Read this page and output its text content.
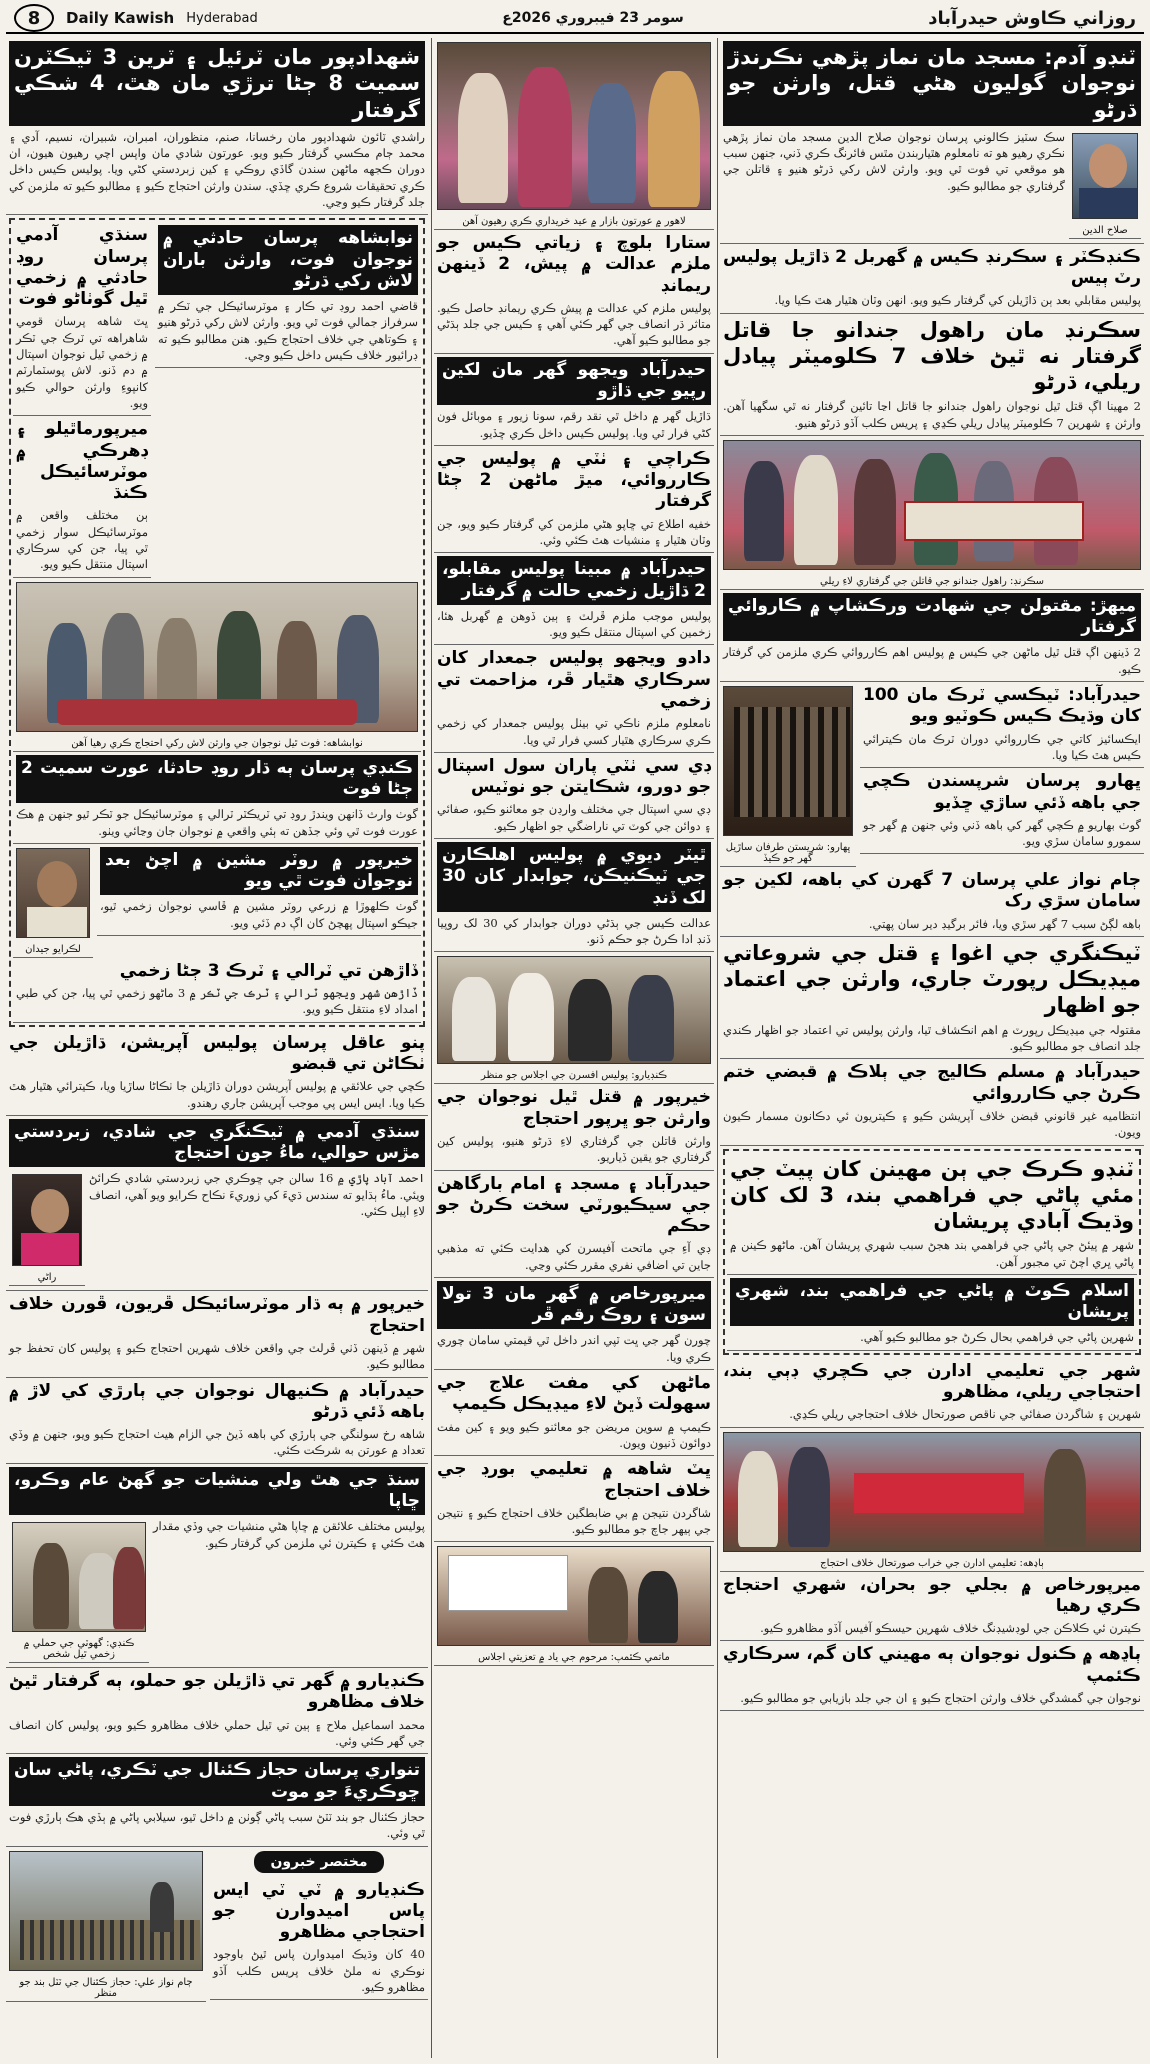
8	Daily Kawish Hyderabad	سومر 23 فيبروري 2026ع	روزاني ڪاوش حيدرآباد
شهدادپور مان ٽرئيل ۽ ٽرين 3 ٽيڪٽرن سميت 8 ڄڻا ترڙي مان هٿ، 4 شڪي گرفتار
راشدي ٽائون شهدادپور مان رخسانا، صنم، منظوران، امبران، شبيران، نسيم، آدي ۽ محمد ڄام مڪسي گرفتار ڪيو ويو. عورتون شادي مان واپس اچي رهيون هيون، ان دوران ڪجهه ماڻهن سندن گاڏي روڪي ۽ کين زبردستي کڻي ويا. پوليس ڪيس داخل ڪري تحقيقات شروع ڪري ڇڏي. سندن وارثن احتجاج ڪيو ۽ مطالبو ڪيو ته ملزمن کي جلد گرفتار ڪيو وڃي.
سنڌي آدمي پرسان روڊ حادثي ۾ زخمي ٿيل گوٺاڻو فوت
ڀٽ شاهه پرسان قومي شاهراهه تي ٽرڪ جي ٽڪر ۾ زخمي ٿيل نوجوان اسپتال ۾ دم ڏنو. لاش پوسٽمارٽم کانپوءِ وارثن حوالي ڪيو ويو.
ميرپورماٿيلو ۽ ڊهرڪي ۾ موٽرسائيڪل ڪنڌ
ٻن مختلف واقعن ۾ موٽرسائيڪل سوار زخمي ٿي پيا، جن کي سرڪاري اسپتال منتقل ڪيو ويو.
نوابشاهه پرسان حادثي ۾ نوجوان فوت، وارثن باران لاش رکي ڌرڻو
قاضي احمد روڊ تي ڪار ۽ موٽرسائيڪل جي ٽڪر ۾ سرفراز جمالي فوت ٿي ويو. وارثن لاش رکي ڌرڻو هنيو ۽ ڪوتاهي جي خلاف احتجاج ڪيو. هنن مطالبو ڪيو ته ڊرائيور خلاف ڪيس داخل ڪيو وڃي.
نوابشاهه: فوت ٿيل نوجوان جي وارثن لاش رکي احتجاج ڪري رهيا آهن
ڪنڊي پرسان ٻه ڌار روڊ حادثا، عورت سميت 2 ڄڻا فوت
گوٺ وارث ڏانهن ويندڙ روڊ تي ٽريڪٽر ٽرالي ۽ موٽرسائيڪل جو ٽڪر ٿيو جنهن ۾ هڪ عورت فوت ٿي وئي جڏهن ته ٻئي واقعي ۾ نوجوان جان وڃائي ويٺو.
لڪرايو جيدان
خيرپور ۾ روٽر مشين ۾ اچڻ بعد نوجوان فوت ٿي ويو
گوٺ ڪلهوڙا ۾ زرعي روٽر مشين ۾ ڦاسي نوجوان زخمي ٿيو، جيڪو اسپتال پهچڻ کان اڳ دم ڏئي ويو.
ڏاڙهن تي ٽرالي ۽ ٽرڪ 3 ڄڻا زخمي
ڏاڙهن شهر ويجهو ٽرالي ۽ ٽرڪ جي ٽڪر ۾ 3 ماڻهو زخمي ٿي پيا، جن کي طبي امداد لاءِ منتقل ڪيو ويو.
پنو عاقل پرسان پوليس آپريشن، ڌاڙيلن جي ٺڪاڻن تي قبضو
ڪچي جي علائقي ۾ پوليس آپريشن دوران ڌاڙيلن جا ٺڪاڻا ساڙيا ويا، ڪيترائي هٿيار هٿ ڪيا ويا. ايس ايس پي موجب آپريشن جاري رهندو.
سنڌي آدمي ۾ ٽيڪنگري جي شادي، زبردستي مڙس حوالي، ماءُ جون احتجاج
احمد آباد پاڙي ۾ 16 سالن جي ڇوڪري جي زبردستي شادي ڪرائڻ ويئي. ماءُ ٻڌايو ته سندس ڌيءَ کي زوريءَ نڪاح ڪرايو ويو آهي، انصاف لاءِ اپيل ڪئي.
راڻي
خيرپور ۾ ٻه ڌار موٽرسائيڪل ڦريون، ڦورن خلاف احتجاج
شهر ۾ ڏينهن ڏٺي ڦرلٽ جي واقعن خلاف شهرين احتجاج ڪيو ۽ پوليس کان تحفظ جو مطالبو ڪيو.
حيدرآباد ۾ ڪنيهال نوجوان جي ٻارڙي کي لاڙ ۾ باهه ڏئي ڌرڻو
شاهه رخ سولنگي جي ٻارڙي کي باهه ڏيڻ جي الزام هيٺ احتجاج ڪيو ويو، جنهن ۾ وڏي تعداد ۾ عورتن به شرڪت ڪئي.
سنڌ جي هٿ ولي منشيات جو گهڻ عام وڪرو، ڇاپا
پوليس مختلف علائقن ۾ ڇاپا هڻي منشيات جي وڏي مقدار هٿ ڪئي ۽ ڪيترن ئي ملزمن کي گرفتار ڪيو.
ڪنڊي: گهوٽي جي حملي ۾ زخمي ٿيل شخص
ڪنڊيارو ۾ گهر تي ڌاڙيلن جو حملو، ٻه گرفتار ٿيڻ خلاف مظاهرو
محمد اسماعيل ملاح ۽ ٻين تي ٿيل حملي خلاف مظاهرو ڪيو ويو، پوليس کان انصاف جي گهر ڪئي وئي.
تنواري پرسان حجاز ڪئنال جي ٽڪري، پاڻي سان ڇوڪريءَ جو موت
حجاز ڪئنال جو بند ٽٽڻ سبب پاڻي ڳوٺن ۾ داخل ٿيو، سيلابي پاڻي ۾ ٻڏي هڪ ٻارڙي فوت ٿي وئي.
ڄام نواز علي: حجاز ڪئنال جي ٽٽل بند جو منظر
مختصر خبرون
ڪنڊيارو ۾ ٽي ٽي ايس پاس اميدوارن جو احتجاجي مظاهرو
40 کان وڌيڪ اميدوارن پاس ٿيڻ باوجود نوڪري نه ملڻ خلاف پريس ڪلب آڏو مظاهرو ڪيو.
لاهور ۾ عورتون بازار ۾ عيد خريداري ڪري رهيون آهن
ستارا بلوچ ۽ زياتي ڪيس جو ملزم عدالت ۾ پيش، 2 ڏينهن ريمانڊ
پوليس ملزم کي عدالت ۾ پيش ڪري ريمانڊ حاصل ڪيو. متاثر ڌر انصاف جي گهر ڪئي آهي ۽ ڪيس جي جلد ٻڌڻي جو مطالبو ڪيو آهي.
حيدرآباد ويجهو گهر مان لکين رپيو جي ڌاڙو
ڌاڙيل گهر ۾ داخل ٿي نقد رقم، سونا زيور ۽ موبائل فون کڻي فرار ٿي ويا. پوليس ڪيس داخل ڪري ڇڏيو.
ڪراچي ۽ ٺٽي ۾ پوليس جي ڪارروائي، ميڙ ماڻهن 2 ڄڻا گرفتار
خفيه اطلاع تي ڇاپو هڻي ملزمن کي گرفتار ڪيو ويو، جن وٽان هٿيار ۽ منشيات هٿ ڪئي وئي.
حيدرآباد ۾ مبينا پوليس مقابلو، 2 ڌاڙيل زخمي حالت ۾ گرفتار
پوليس موجب ملزم ڦرلٽ ۽ ٻين ڏوهن ۾ گهربل هئا، زخمين کي اسپتال منتقل ڪيو ويو.
دادو ويجهو پوليس جمعدار کان سرڪاري هٿيار ڦر، مزاحمت تي زخمي
نامعلوم ملزم ناڪي تي بيٺل پوليس جمعدار کي زخمي ڪري سرڪاري هٿيار کسي فرار ٿي ويا.
ڊي سي ٺٽي پاران سول اسپتال جو دورو، شڪايتن جو نوٽيس
ڊي سي اسپتال جي مختلف وارڊن جو معائنو ڪيو، صفائي ۽ دوائن جي کوٽ تي ناراضگي جو اظهار ڪيو.
ٿيٽر ديوي ۾ پوليس اهلڪارن جي ٽيڪنيڪن، جوابدار کان 30 لک ڏنڊ
عدالت ڪيس جي ٻڌڻي دوران جوابدار کي 30 لک روپيا ڏنڊ ادا ڪرڻ جو حڪم ڏنو.
ڪنڊيارو: پوليس افسرن جي اجلاس جو منظر
خيرپور ۾ قتل ٿيل نوجوان جي وارثن جو ڀرپور احتجاج
وارثن قاتلن جي گرفتاري لاءِ ڌرڻو هنيو، پوليس کين گرفتاري جو يقين ڏياريو.
حيدرآباد ۽ مسجد ۽ امام بارگاهن جي سيڪيورٽي سخت ڪرڻ جو حڪم
ڊي آءِ جي ماتحت آفيسرن کي هدايت ڪئي ته مذهبي جاين تي اضافي نفري مقرر ڪئي وڃي.
ميرپورخاص ۾ گهر مان 3 تولا سون ۽ روڪ رقم ڦر
چورن گهر جي ڀت ٽپي اندر داخل ٿي قيمتي سامان چوري ڪري ويا.
ماڻهن کي مفت علاج جي سهولت ڏيڻ لاءِ ميڊيڪل ڪيمپ
ڪيمپ ۾ سوين مريضن جو معائنو ڪيو ويو ۽ کين مفت دوائون ڏنيون ويون.
ڀٽ شاهه ۾ تعليمي بورڊ جي خلاف احتجاج
شاگردن نتيجن ۾ بي ضابطگين خلاف احتجاج ڪيو ۽ نتيجن جي ٻيهر جاچ جو مطالبو ڪيو.
ماتمي ڪئمپ: مرحوم جي ياد ۾ تعزيتي اجلاس
ٽنڊو آدم: مسجد مان نماز پڙهي نڪرندڙ نوجوان گوليون هڻي قتل، وارثن جو ڌرڻو
صلاح الدين
سڪ سٽيز ڪالوني پرسان نوجوان صلاح الدين مسجد مان نماز پڙهي نڪري رهيو هو ته نامعلوم هٿياربندن مٿس فائرنگ ڪري ڏني، جنهن سبب هو موقعي تي فوت ٿي ويو. وارثن لاش رکي ڌرڻو هنيو ۽ قاتلن جي گرفتاري جو مطالبو ڪيو.
ڪنڊڪٽر ۽ سڪرنڊ ڪيس ۾ گهربل 2 ڌاڙيل پوليس رٽ ٻيس
پوليس مقابلي بعد ٻن ڌاڙيلن کي گرفتار ڪيو ويو. انهن وٽان هٿيار هٿ ڪيا ويا.
سڪرنڊ مان راهول جندانو جا قاتل گرفتار نه ٿيڻ خلاف 7 ڪلوميٽر پيادل ريلي، ڌرڻو
2 مهينا اڳ قتل ٿيل نوجوان راهول جندانو جا قاتل اڃا تائين گرفتار نه ٿي سگهيا آهن. وارثن ۽ شهرين 7 ڪلوميٽر پيادل ريلي ڪڍي ۽ پريس ڪلب آڏو ڌرڻو هنيو.
سڪرنڊ: راهول جندانو جي قاتلن جي گرفتاري لاءِ ريلي
ميهڙ: مقتولن جي شهادت ورڪشاپ ۾ ڪاروائي گرفتار
2 ڏينهن اڳ قتل ٿيل ماڻهن جي ڪيس ۾ پوليس اهم ڪارروائي ڪري ملزمن کي گرفتار ڪيو.
ڀهارو: شريستن طرفان ساڙيل گهر جو ڪيڏ
حيدرآباد: ٽيڪسي ٽرڪ مان 100 کان وڌيڪ ڪيس ڪوٽيو ويو
ايڪسائيز کاتي جي ڪارروائي دوران ٽرڪ مان ڪيترائي ڪيس هٿ ڪيا ويا.
ڀهارو پرسان شرپسندن ڪچي جي باهه ڏئي ساڙي ڇڏيو
گوٺ بهاريو ۾ ڪچي گهر کي باهه ڏني وئي جنهن ۾ گهر جو سمورو سامان سڙي ويو.
ڄام نواز علي پرسان 7 گهرن کي باهه، لکين جو سامان سڙي رک
باهه لڳڻ سبب 7 گهر سڙي ويا، فائر برگيڊ دير سان پهتي.
ٽيڪنگري جي اغوا ۽ قتل جي شروعاتي ميڊيڪل رپورٽ جاري، وارثن جي اعتماد جو اظهار
مقتولہ جي ميڊيڪل رپورٽ ۾ اهم انڪشاف ٿيا، وارثن پوليس تي اعتماد جو اظهار ڪندي جلد انصاف جو مطالبو ڪيو.
حيدرآباد ۾ مسلم ڪاليج جي ٻلاڪ ۾ قبضي ختم ڪرڻ جي ڪارروائي
انتظاميه غير قانوني قبضن خلاف آپريشن ڪيو ۽ ڪيتريون ئي دڪانون مسمار ڪيون ويون.
ٽنڊو ڪرڪ جي ٻن مهينن کان پيٽ جي مئي پاڻي جي فراهمي بند، 3 لک کان وڌيڪ آبادي پريشان
شهر ۾ پيئڻ جي پاڻي جي فراهمي بند هجڻ سبب شهري پريشان آهن. ماڻهو ڪينن ۾ پاڻي ڀري اچڻ تي مجبور آهن.
اسلام ڪوٽ ۾ پاڻي جي فراهمي بند، شهري پريشان
شهرين پاڻي جي فراهمي بحال ڪرڻ جو مطالبو ڪيو آهي.
شهر جي تعليمي ادارن جي ڪچري ڊٻي بند، احتجاجي ريلي، مظاهرو
شهرين ۽ شاگردن صفائي جي ناقص صورتحال خلاف احتجاجي ريلي ڪڍي.
ٻاڍهه: تعليمي ادارن جي خراب صورتحال خلاف احتجاج
ميرپورخاص ۾ بجلي جو بحران، شهري احتجاج ڪري رهيا
ڪيترن ئي ڪلاڪن جي لوڊشيڊنگ خلاف شهرين حيسڪو آفيس آڏو مظاهرو ڪيو.
ٻاڍهه ۾ ڪنول نوجوان ٻه مهيني کان گم، سرڪاري ڪئمپ
نوجوان جي گمشدگي خلاف وارثن احتجاج ڪيو ۽ ان جي جلد بازيابي جو مطالبو ڪيو.
